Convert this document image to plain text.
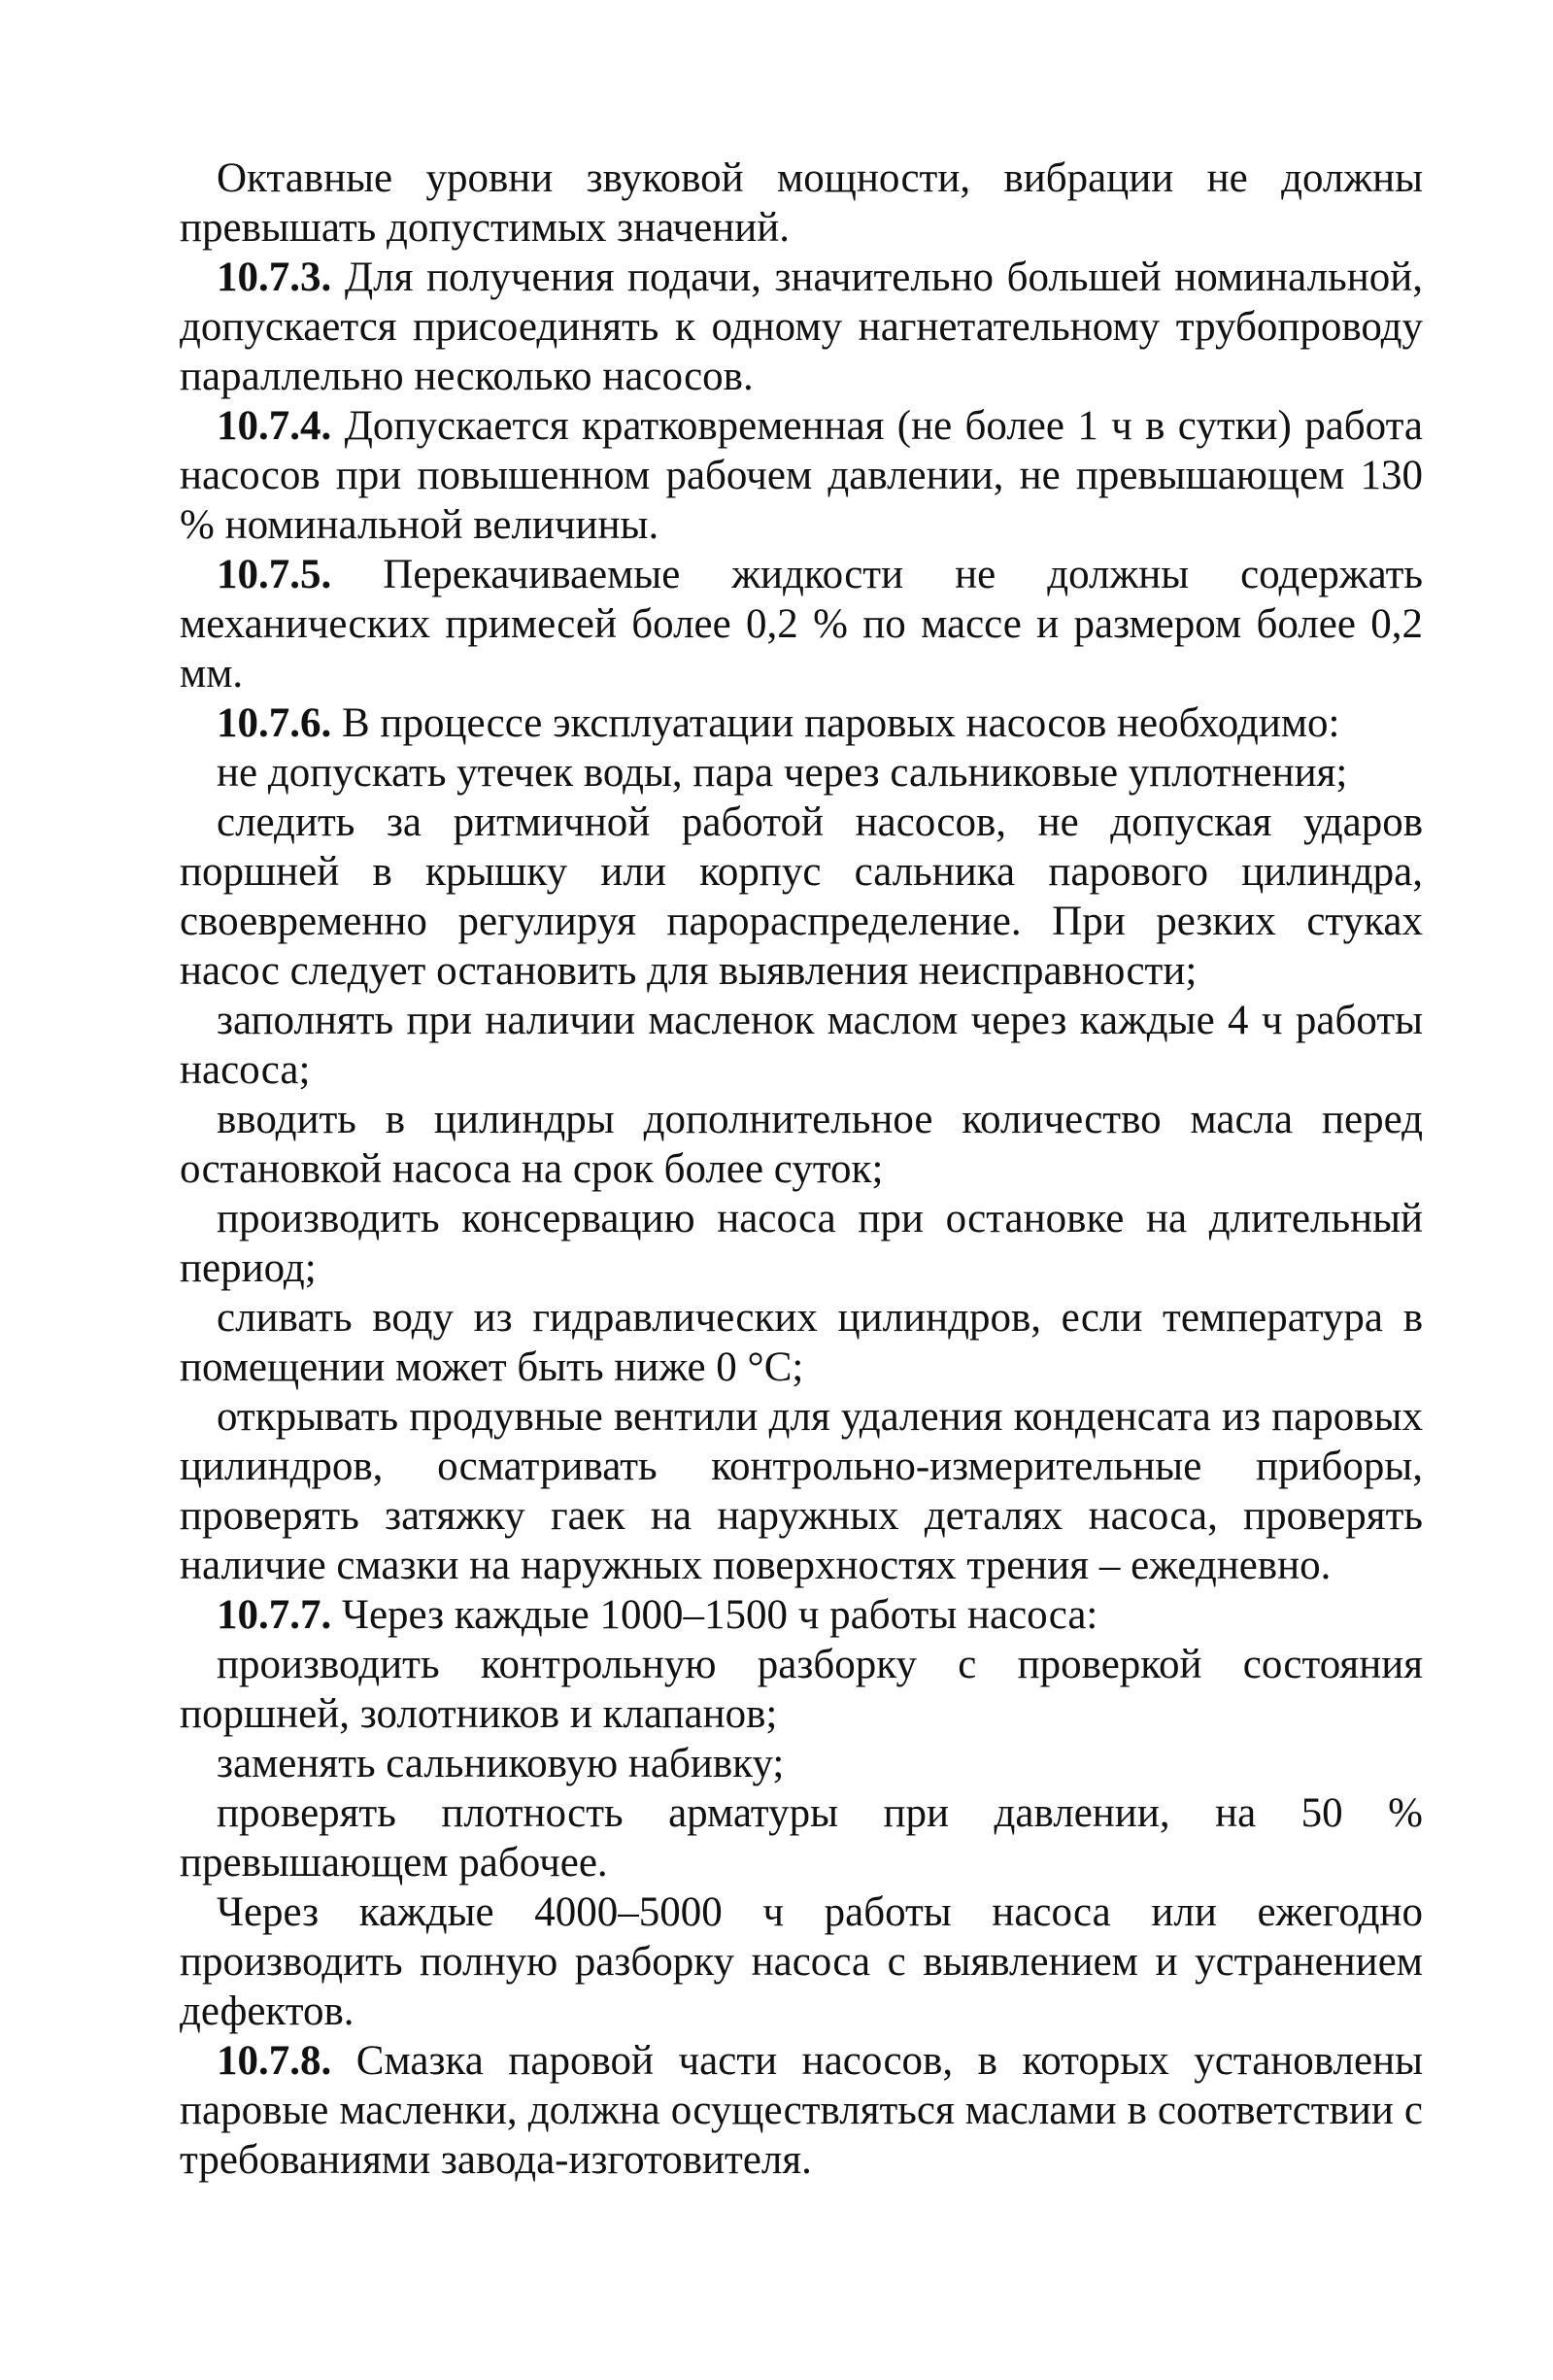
Октавные уровни звуковой мощности, вибрации не должны превышать допустимых значений.

10.7.3. Для получения подачи, значительно большей номинальной, допускается присоединять к одному нагнетательному трубопроводу параллельно несколько насосов.

10.7.4. Допускается кратковременная (не более 1 ч в сутки) работа насосов при повышенном рабочем давлении, не превышающем 130 % номинальной величины.

10.7.5. Перекачиваемые жидкости не должны содержать механических примесей более 0,2 % по массе и размером более 0,2 мм.

10.7.6. В процессе эксплуатации паровых насосов необходимо:

не допускать утечек воды, пара через сальниковые уплотнения;

следить за ритмичной работой насосов, не допуская ударов поршней в крышку или корпус сальника парового цилиндра, своевременно регулируя парораспределение. При резких стуках насос следует остановить для выявления неисправности;

заполнять при наличии масленок маслом через каждые 4 ч работы насоса;

вводить в цилиндры дополнительное количество масла перед остановкой насоса на срок более суток;

производить консервацию насоса при остановке на длительный период;

сливать воду из гидравлических цилиндров, если температура в помещении может быть ниже 0 °С;

открывать продувные вентили для удаления конденсата из паровых цилиндров, осматривать контрольно-измерительные приборы, проверять затяжку гаек на наружных деталях насоса, проверять наличие смазки на наружных поверхностях трения – ежедневно.

10.7.7. Через каждые 1000–1500 ч работы насоса:

производить контрольную разборку с проверкой состояния поршней, золотников и клапанов;

заменять сальниковую набивку;

проверять плотность арматуры при давлении, на 50 % превышающем рабочее.

Через каждые 4000–5000 ч работы насоса или ежегодно производить полную разборку насоса с выявлением и устранением дефектов.

10.7.8. Смазка паровой части насосов, в которых установлены паровые масленки, должна осуществляться маслами в соответствии с требованиями завода-изготовителя.
